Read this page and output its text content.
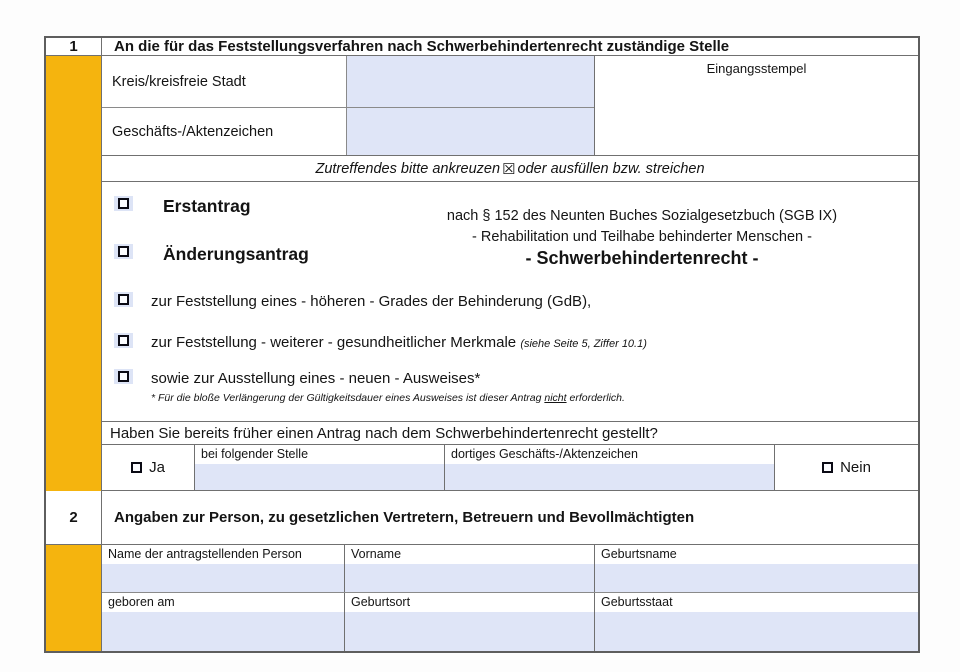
1	An die für das Feststellungsverfahren nach Schwerbehindertenrecht zuständige Stelle
Kreis/kreisfreie Stadt
Geschäfts-/Aktenzeichen
Eingangsstempel
Zutreffendes bitte ankreuzen ☒ oder ausfüllen bzw. streichen
Erstantrag
Änderungsantrag
nach § 152 des Neunten Buches Sozialgesetzbuch (SGB IX)
- Rehabilitation und Teilhabe behinderter Menschen -
- Schwerbehindertenrecht -
zur Feststellung eines - höheren - Grades der Behinderung (GdB),
zur Feststellung - weiterer - gesundheitlicher Merkmale (siehe Seite 5, Ziffer 10.1)
sowie zur Ausstellung eines - neuen - Ausweises*
* Für die bloße Verlängerung der Gültigkeitsdauer eines Ausweises ist dieser Antrag nicht erforderlich.
Haben Sie bereits früher einen Antrag nach dem Schwerbehindertenrecht gestellt?
Ja
bei folgender Stelle	dortiges Geschäfts-/Aktenzeichen
Nein
2	Angaben zur Person, zu gesetzlichen Vertretern, Betreuern und Bevollmächtigten
Name der antragstellenden Person	Vorname	Geburtsname
geboren am	Geburtsort	Geburtsstaat
